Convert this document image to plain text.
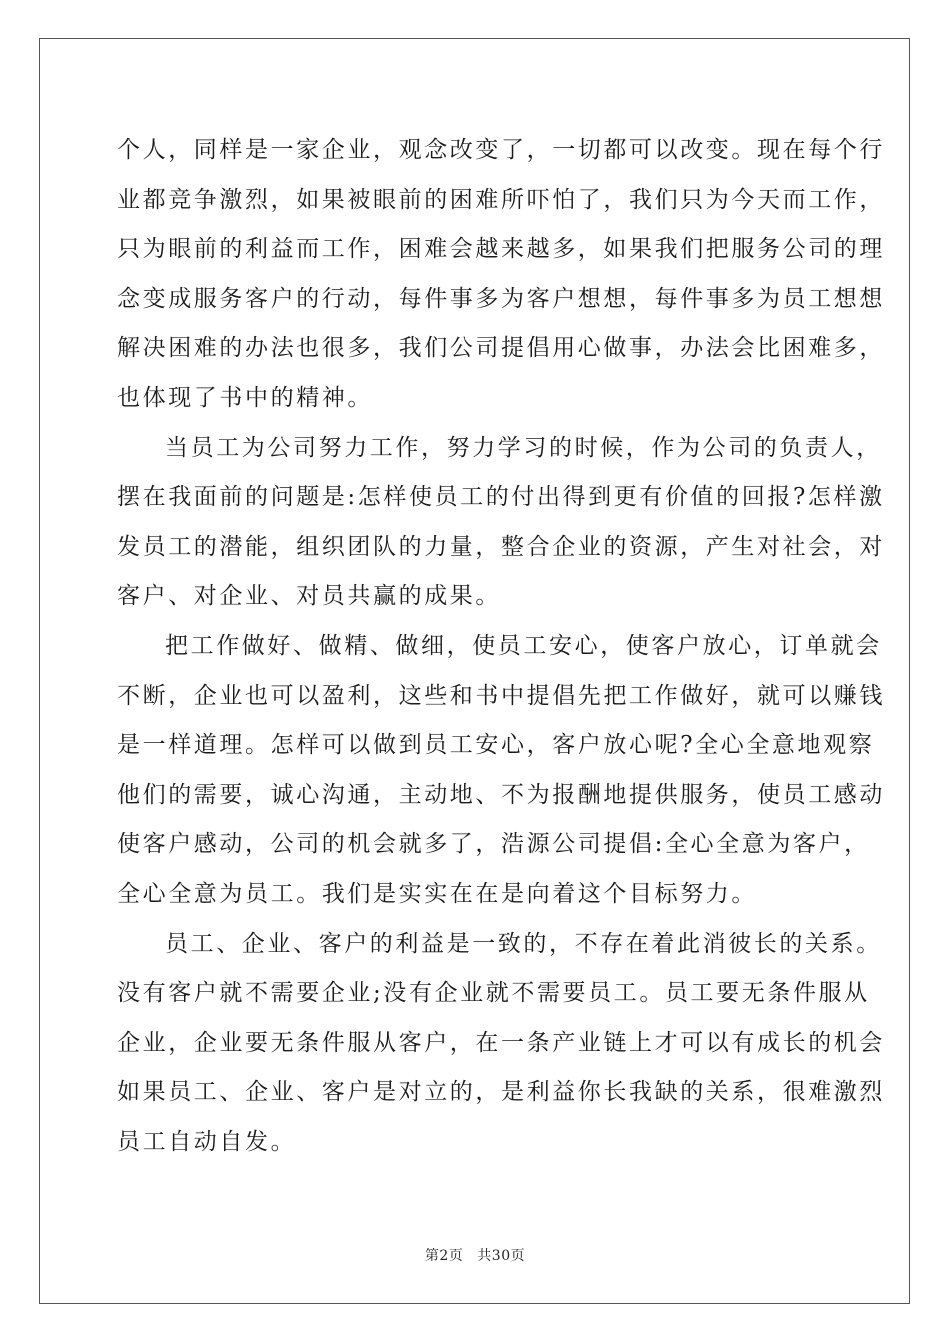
个人，同样是一家企业，观念改变了，一切都可以改变。现在每个行
业都竞争激烈，如果被眼前的困难所吓怕了，我们只为今天而工作，
只为眼前的利益而工作，困难会越来越多，如果我们把服务公司的理
念变成服务客户的行动，每件事多为客户想想，每件事多为员工想想
解决困难的办法也很多，我们公司提倡用心做事，办法会比困难多，
也体现了书中的精神。
当员工为公司努力工作，努力学习的时候，作为公司的负责人，
摆在我面前的问题是:怎样使员工的付出得到更有价值的回报?怎样激
发员工的潜能，组织团队的力量，整合企业的资源，产生对社会，对
客户、对企业、对员共赢的成果。
把工作做好、做精、做细，使员工安心，使客户放心，订单就会
不断，企业也可以盈利，这些和书中提倡先把工作做好，就可以赚钱
是一样道理。怎样可以做到员工安心，客户放心呢?全心全意地观察
他们的需要，诚心沟通，主动地、不为报酬地提供服务，使员工感动
使客户感动，公司的机会就多了，浩源公司提倡:全心全意为客户，
全心全意为员工。我们是实实在在是向着这个目标努力。
员工、企业、客户的利益是一致的，不存在着此消彼长的关系。
没有客户就不需要企业;没有企业就不需要员工。员工要无条件服从
企业，企业要无条件服从客户，在一条产业链上才可以有成长的机会
如果员工、企业、客户是对立的，是利益你长我缺的关系，很难激烈
员工自动自发。
第2页 共30页
